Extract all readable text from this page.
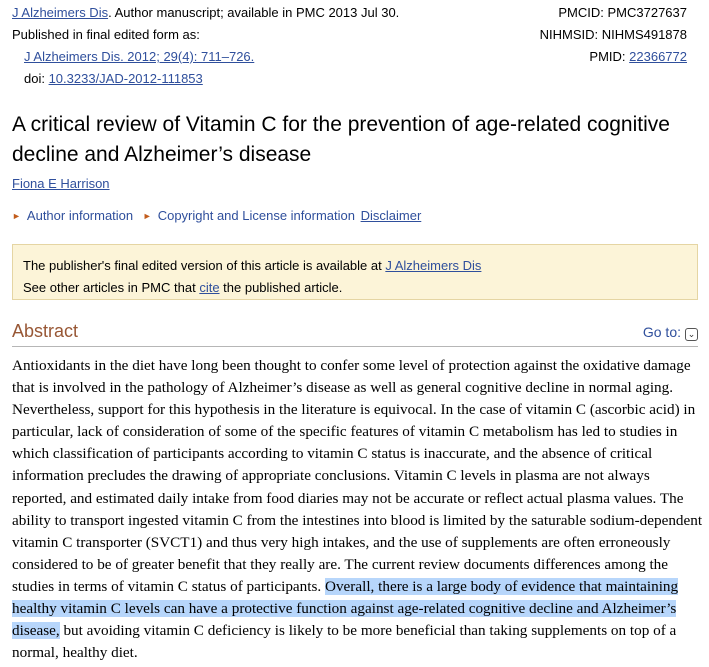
J Alzheimers Dis. Author manuscript; available in PMC 2013 Jul 30.	PMCID: PMC3727637
Published in final edited form as:	NIHMSID: NIHMS491878
J Alzheimers Dis. 2012; 29(4): 711–726.	PMID: 22366772
doi: 10.3233/JAD-2012-111853
A critical review of Vitamin C for the prevention of age-related cognitive decline and Alzheimer’s disease
Fiona E Harrison
► Author information ► Copyright and License information Disclaimer
The publisher's final edited version of this article is available at J Alzheimers Dis
See other articles in PMC that cite the published article.
Abstract	Go to: ⌄
Antioxidants in the diet have long been thought to confer some level of protection against the oxidative damage that is involved in the pathology of Alzheimer’s disease as well as general cognitive decline in normal aging. Nevertheless, support for this hypothesis in the literature is equivocal. In the case of vitamin C (ascorbic acid) in particular, lack of consideration of some of the specific features of vitamin C metabolism has led to studies in which classification of participants according to vitamin C status is inaccurate, and the absence of critical information precludes the drawing of appropriate conclusions. Vitamin C levels in plasma are not always reported, and estimated daily intake from food diaries may not be accurate or reflect actual plasma values. The ability to transport ingested vitamin C from the intestines into blood is limited by the saturable sodium-dependent vitamin C transporter (SVCT1) and thus very high intakes, and the use of supplements are often erroneously considered to be of greater benefit that they really are. The current review documents differences among the studies in terms of vitamin C status of participants. Overall, there is a large body of evidence that maintaining healthy vitamin C levels can have a protective function against age-related cognitive decline and Alzheimer’s disease, but avoiding vitamin C deficiency is likely to be more beneficial than taking supplements on top of a normal, healthy diet.
